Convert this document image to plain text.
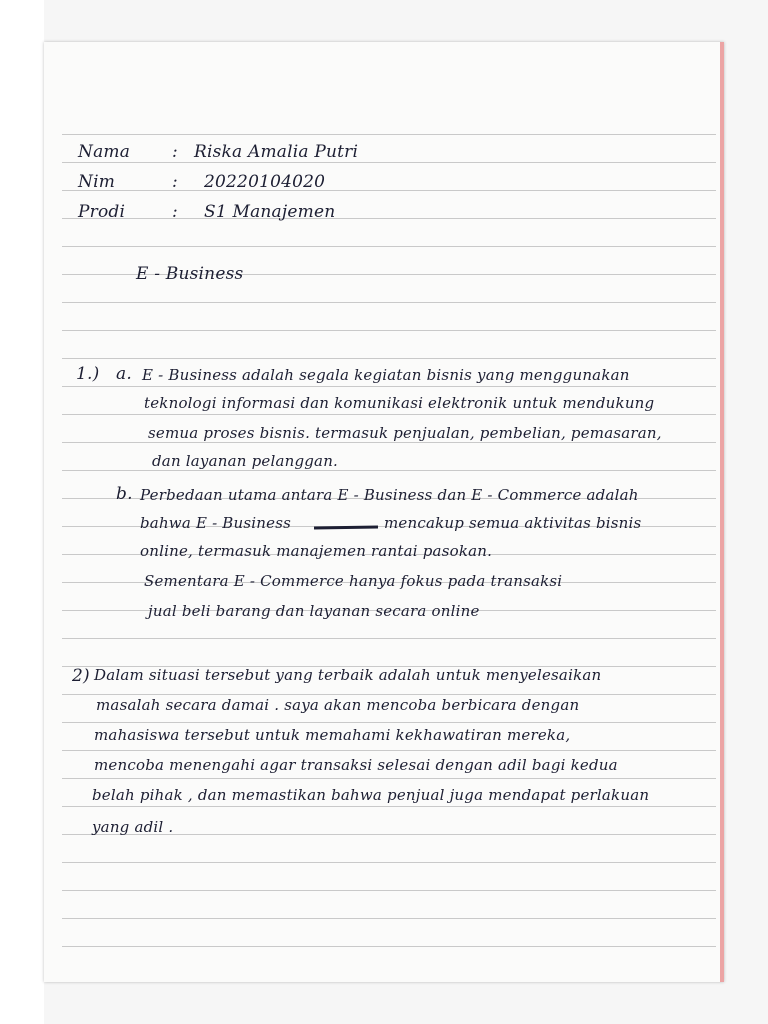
Nama : Riska Amalia Putri
Nim	: 20220104020
Prodi	: S1 Manajemen
E - Business
1.) a. E - Business adalah segala kegiatan bisnis yang menggunakan
teknologi informasi dan komunikasi elektronik untuk mendukung
semua proses bisnis. termasuk penjualan, pembelian, pemasaran,
dan layanan pelanggan.
b. Perbedaan utama antara E - Business dan E - Commerce adalah
bahwa E - Business	mencakup semua aktivitas bisnis
online, termasuk manajemen rantai pasokan.
Sementara E - Commerce hanya fokus pada transaksi
jual beli barang dan layanan secara online
2) Dalam situasi tersebut yang terbaik adalah untuk menyelesaikan
masalah secara damai . saya akan mencoba berbicara dengan
mahasiswa tersebut untuk memahami kekhawatiran mereka,
mencoba menengahi agar transaksi selesai dengan adil bagi kedua
belah pihak , dan memastikan bahwa penjual juga mendapat perlakuan
yang adil .
